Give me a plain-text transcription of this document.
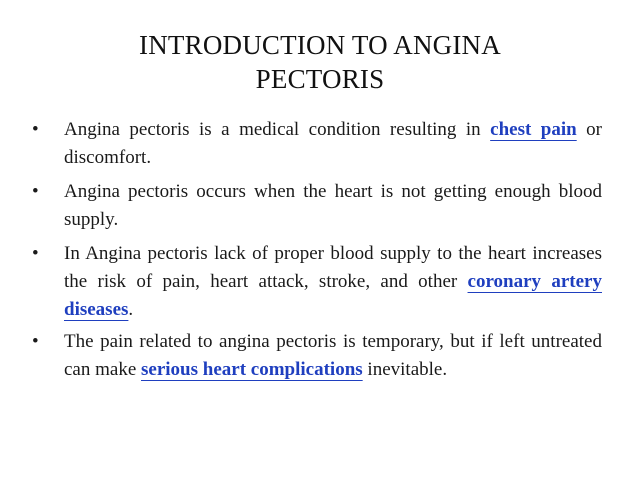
INTRODUCTION TO ANGINA
PECTORIS
• Angina pectoris is a medical condition resulting in chest pain or discomfort.
• Angina pectoris occurs when the heart is not getting enough blood supply.
• In Angina pectoris lack of proper blood supply to the heart increases the risk of pain, heart attack, stroke, and other coronary artery diseases.
• The pain related to angina pectoris is temporary, but if left untreated can make serious heart complications inevitable.
